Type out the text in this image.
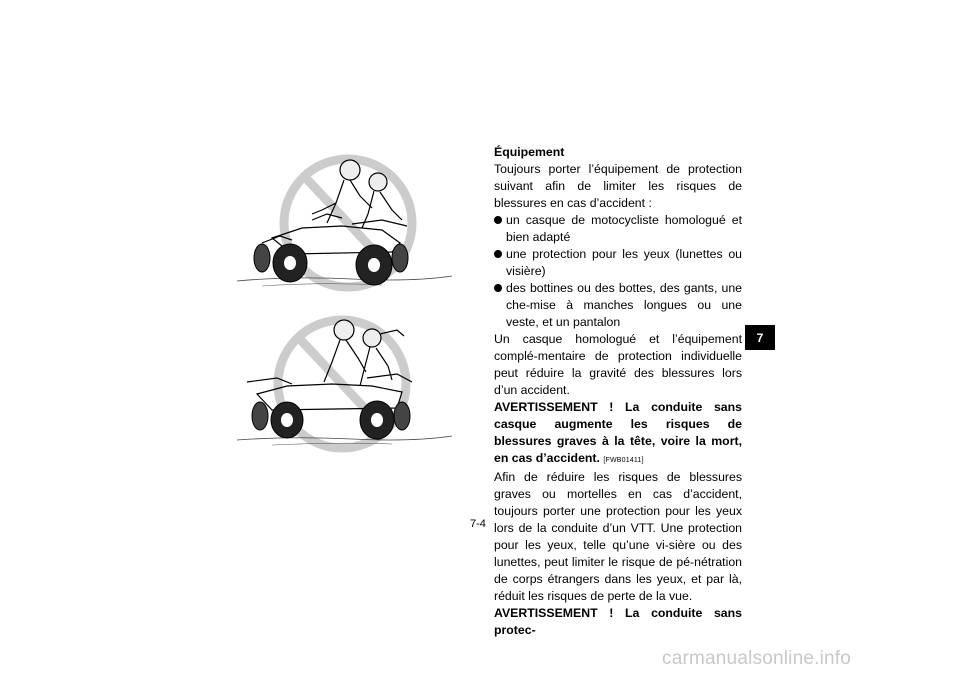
Équipement

Toujours porter l’équipement de protection suivant afin de limiter les risques de blessures en cas d’accident :

un casque de motocycliste homologué et bien adapté
une protection pour les yeux (lunettes ou visière)
des bottines ou des bottes, des gants, une che-mise à manches longues ou une veste, et un pantalon

Un casque homologué et l’équipement complé-mentaire de protection individuelle peut réduire la gravité des blessures lors d’un accident.

AVERTISSEMENT ! La conduite sans casque augmente les risques de blessures graves à la tête, voire la mort, en cas d’accident. [FWB01411]

Afin de réduire les risques de blessures graves ou mortelles en cas d’accident, toujours porter une protection pour les yeux lors de la conduite d’un VTT. Une protection pour les yeux, telle qu’une vi-sière ou des lunettes, peut limiter le risque de pé-nétration de corps étrangers dans les yeux, et par là, réduit les risques de perte de la vue.

AVERTISSEMENT ! La conduite sans protec-

7
7-4
carmanualsonline.info
